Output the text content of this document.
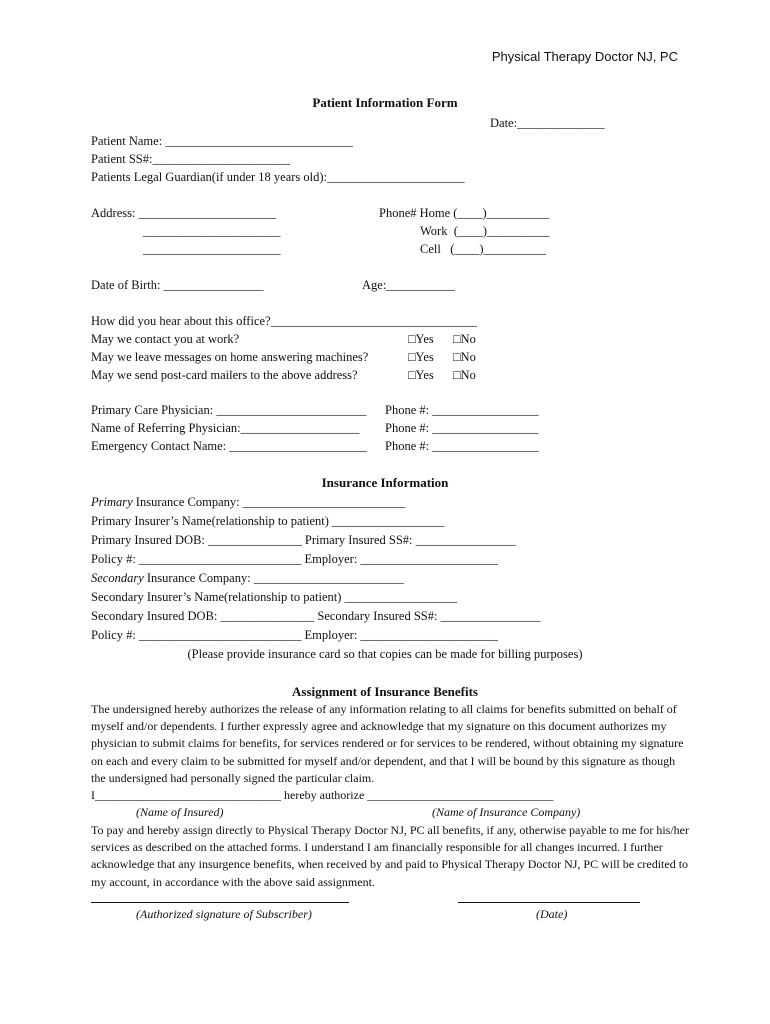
Physical Therapy Doctor NJ, PC
Patient Information Form
Date:______________
Patient Name: ______________________________
Patient SS#:______________________
Patients Legal Guardian(if under 18 years old):______________________
Address: ______________________
______________________
______________________
Phone# Home (____)__________
Work  (____)__________
Cell   (____)__________
Date of Birth: ________________	Age:___________
How did you hear about this office?_________________________________
May we contact you at work?	□Yes □No
May we leave messages on home answering machines?	□Yes □No
May we send post-card mailers to the above address?	□Yes □No
Primary Care Physician: ________________________ Phone #: _________________
Name of Referring Physician:___________________ Phone #: _________________
Emergency Contact Name: ______________________ Phone #: _________________
Insurance Information
Primary Insurance Company: __________________________
Primary Insurer’s Name(relationship to patient) __________________
Primary Insured DOB: _______________ Primary Insured SS#: ________________
Policy #: __________________________ Employer: ______________________
Secondary Insurance Company: ________________________
Secondary Insurer’s Name(relationship to patient) __________________
Secondary Insured DOB: _______________ Secondary Insured SS#: ________________
Policy #: __________________________ Employer: ______________________
(Please provide insurance card so that copies can be made for billing purposes)
Assignment of Insurance Benefits
The undersigned hereby authorizes the release of any information relating to all claims for benefits submitted on behalf of myself and/or dependents. I further expressly agree and acknowledge that my signature on this document authorizes my physician to submit claims for benefits, for services rendered or for services to be rendered, without obtaining my signature on each and every claim to be submitted for myself and/or dependent, and that I will be bound by this signature as though the undersigned had personally signed the particular claim.
I_______________________________ hereby authorize _______________________________
(Name of Insured)	(Name of Insurance Company)
To pay and hereby assign directly to Physical Therapy Doctor NJ, PC all benefits, if any, otherwise payable to me for his/her services as described on the attached forms. I understand I am financially responsible for all changes incurred. I further acknowledge that any insurgence benefits, when received by and paid to Physical Therapy Doctor NJ, PC will be credited to my account, in accordance with the above said assignment.
(Authorized signature of Subscriber)	(Date)
